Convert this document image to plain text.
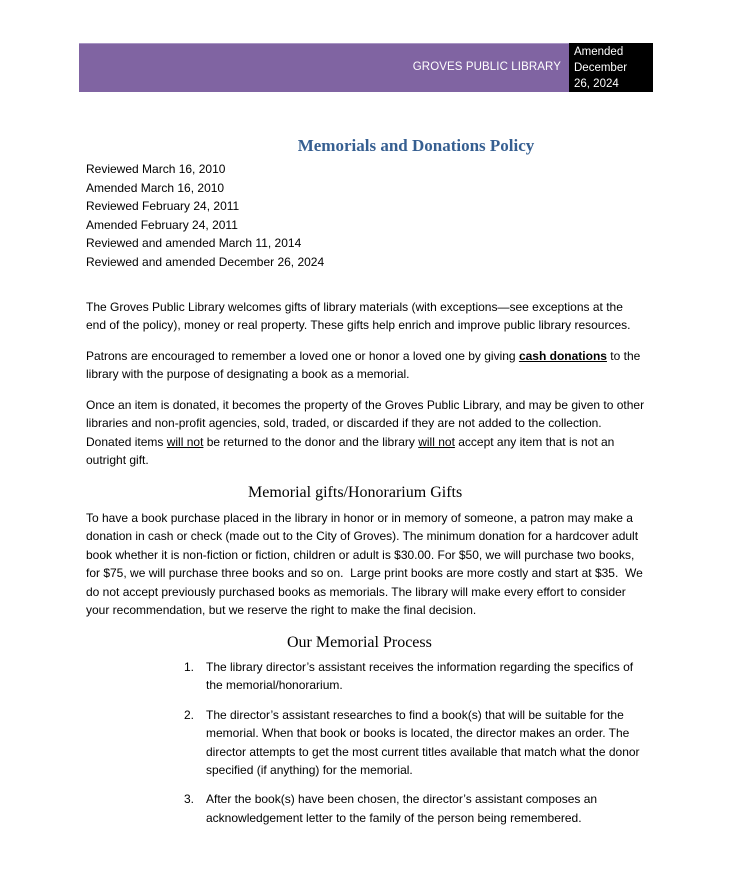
GROVES PUBLIC LIBRARY
Amended
December
26, 2024
Memorials and Donations Policy
Reviewed March 16, 2010
Amended March 16, 2010
Reviewed February 24, 2011
Amended February 24, 2011
Reviewed and amended March 11, 2014
Reviewed and amended December 26, 2024
The Groves Public Library welcomes gifts of library materials (with exceptions—see exceptions at the end of the policy), money or real property. These gifts help enrich and improve public library resources.
Patrons are encouraged to remember a loved one or honor a loved one by giving cash donations to the library with the purpose of designating a book as a memorial.
Once an item is donated, it becomes the property of the Groves Public Library, and may be given to other libraries and non-profit agencies, sold, traded, or discarded if they are not added to the collection. Donated items will not be returned to the donor and the library will not accept any item that is not an outright gift.
Memorial gifts/Honorarium Gifts
To have a book purchase placed in the library in honor or in memory of someone, a patron may make a donation in cash or check (made out to the City of Groves). The minimum donation for a hardcover adult book whether it is non-fiction or fiction, children or adult is $30.00. For $50, we will purchase two books, for $75, we will purchase three books and so on.  Large print books are more costly and start at $35.  We do not accept previously purchased books as memorials. The library will make every effort to consider your recommendation, but we reserve the right to make the final decision.
Our Memorial Process
1. The library director’s assistant receives the information regarding the specifics of the memorial/honorarium.
2. The director’s assistant researches to find a book(s) that will be suitable for the memorial. When that book or books is located, the director makes an order. The director attempts to get the most current titles available that match what the donor specified (if anything) for the memorial.
3. After the book(s) have been chosen, the director’s assistant composes an acknowledgement letter to the family of the person being remembered.
